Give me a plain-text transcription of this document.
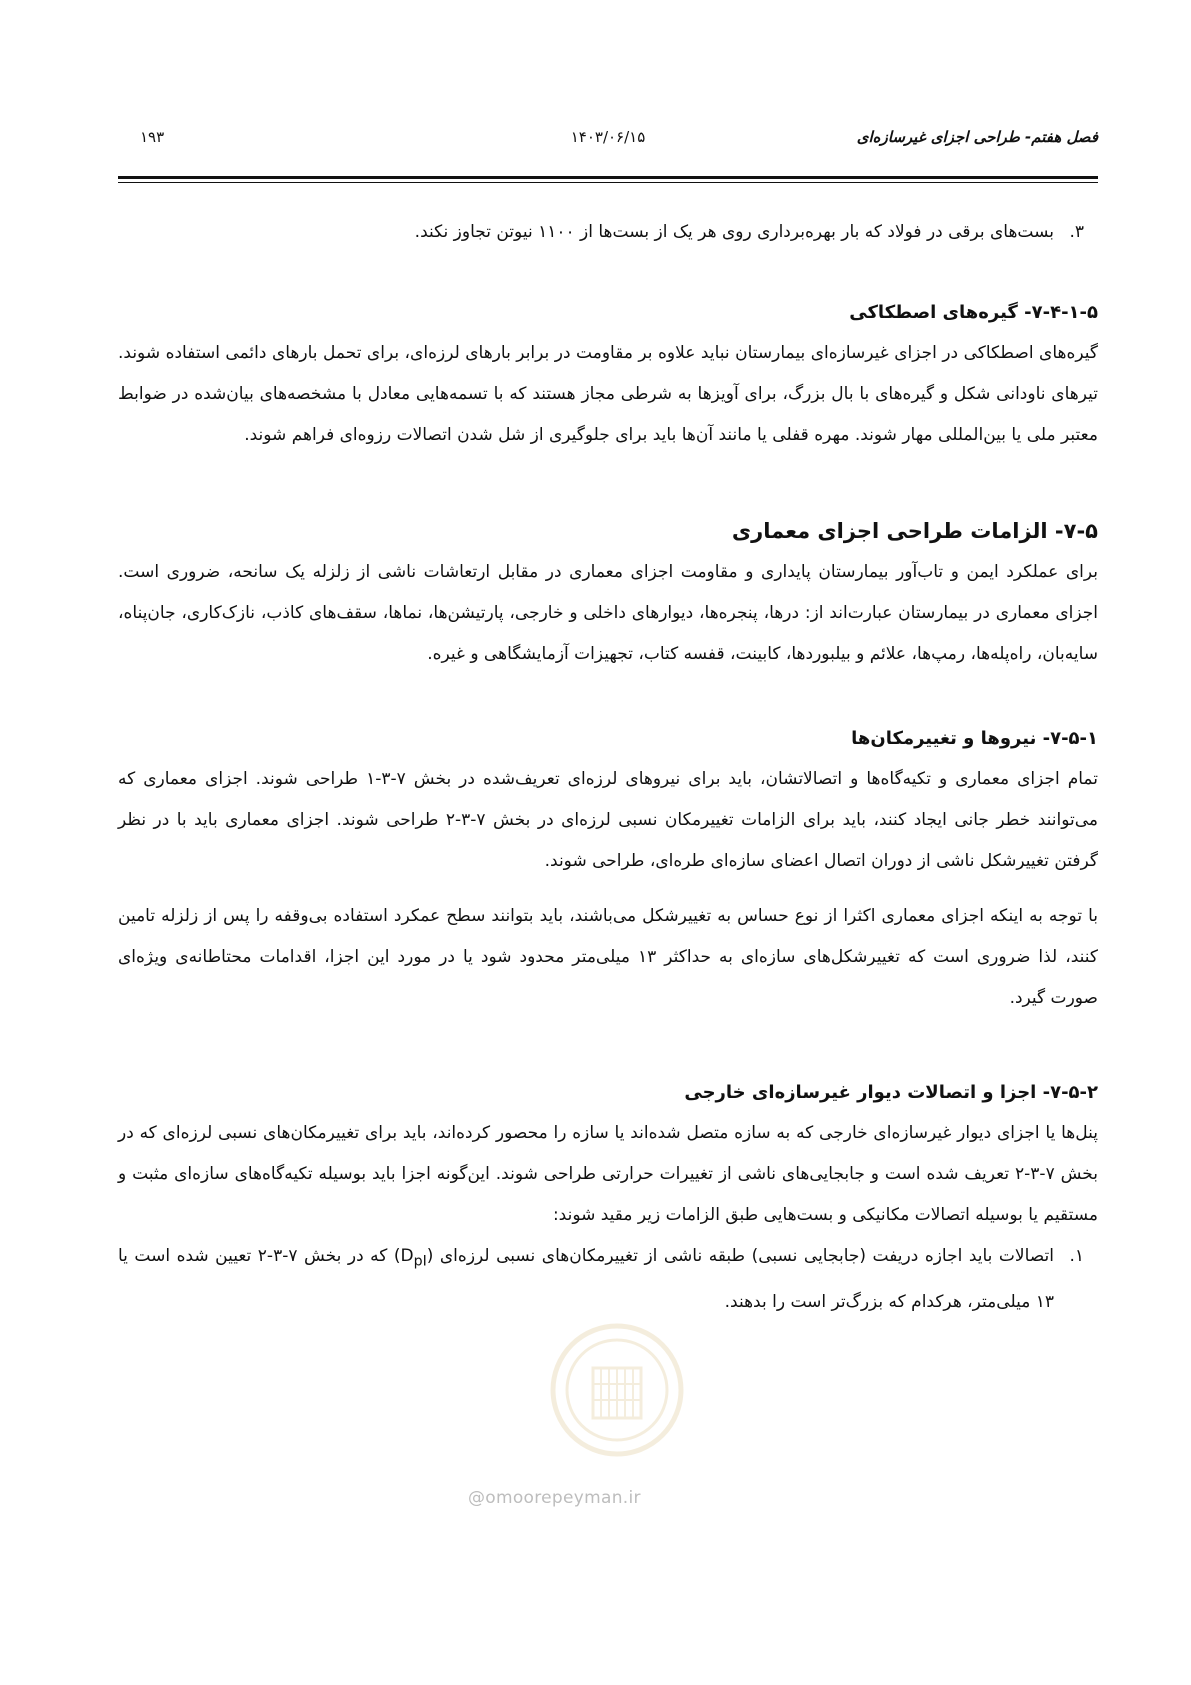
فصل هفتم- طراحی اجزای غیرسازه‌ای
۱۴۰۳/۰۶/۱۵
۱۹۳

۳.
بست‌های برقی در فولاد که بار بهره‌برداری روی هر یک از بست‌ها از ۱۱۰۰ نیوتن تجاوز نکند.

۷-۴-۱-۵- گیره‌های اصطکاکی

گیره‌های اصطکاکی در اجزای غیرسازه‌ای بیمارستان نباید علاوه بر مقاومت در برابر بارهای لرزه‌ای، برای تحمل بارهای دائمی استفاده شوند. تیرهای ناودانی شکل و گیره‌های با بال بزرگ، برای آویزها به شرطی مجاز هستند که با تسمه‌هایی معادل با مشخصه‌های بیان‌شده در ضوابط معتبر ملی یا بین‌المللی مهار شوند. مهره قفلی یا مانند آن‌ها باید برای جلوگیری از شل شدن اتصالات رزوه‌ای فراهم شوند.

۷-۵- الزامات طراحی اجزای معماری

برای عملکرد ایمن و تاب‌آور بیمارستان پایداری و مقاومت اجزای معماری در مقابل ارتعاشات ناشی از زلزله یک سانحه، ضروری است. اجزای معماری در بیمارستان عبارت‌اند از: درها، پنجره‌ها، دیوارهای داخلی و خارجی، پارتیشن‌ها، نماها، سقف‌های کاذب، نازک‌کاری، جان‌پناه، سایه‌بان، راه‌پله‌ها، رمپ‌ها، علائم و بیلبوردها، کابینت، قفسه کتاب، تجهیزات آزمایشگاهی و غیره.

۷-۵-۱- نیروها و تغییرمکان‌ها

تمام اجزای معماری و تکیه‌گاه‌ها و اتصالاتشان، باید برای نیروهای لرزه‌ای تعریف‌شده در بخش ۷-۳-۱ طراحی شوند. اجزای معماری که می‌توانند خطر جانی ایجاد کنند، باید برای الزامات تغییرمکان نسبی لرزه‌ای در بخش ۷-۳-۲ طراحی شوند. اجزای معماری باید با در نظر گرفتن تغییرشکل ناشی از دوران اتصال اعضای سازه‌ای طره‌ای، طراحی شوند.

با توجه به اینکه اجزای معماری اکثرا از نوع حساس به تغییرشکل می‌باشند، باید بتوانند سطح عمکرد استفاده بی‌وقفه را پس از زلزله تامین کنند، لذا ضروری است که تغییرشکل‌های سازه‌ای به حداکثر ۱۳ میلی‌متر محدود شود یا در مورد این اجزا، اقدامات محتاطانه‌ی ویژه‌ای صورت گیرد.

۷-۵-۲- اجزا و اتصالات دیوار غیرسازه‌ای خارجی

پنل‌ها یا اجزای دیوار غیرسازه‌ای خارجی که به سازه متصل شده‌اند یا سازه را محصور کرده‌اند، باید برای تغییرمکان‌های نسبی لرزه‌ای که در بخش ۷-۳-۲ تعریف شده است و جابجایی‌های ناشی از تغییرات حرارتی طراحی شوند. این‌گونه اجزا باید بوسیله تکیه‌گاه‌های سازه‌ای مثبت و مستقیم یا بوسیله اتصالات مکانیکی و بست‌هایی طبق الزامات زیر مقید شوند:

۱.
اتصالات باید اجازه دریفت (جابجایی نسبی) طبقه ناشی از تغییرمکان‌های نسبی لرزه‌ای $(D_{pI})$ که در بخش ۷-۳-۲ تعیین شده است یا ۱۳ میلی‌متر، هرکدام که بزرگ‌تر است را بدهند.

@omoorepeyman.ir
